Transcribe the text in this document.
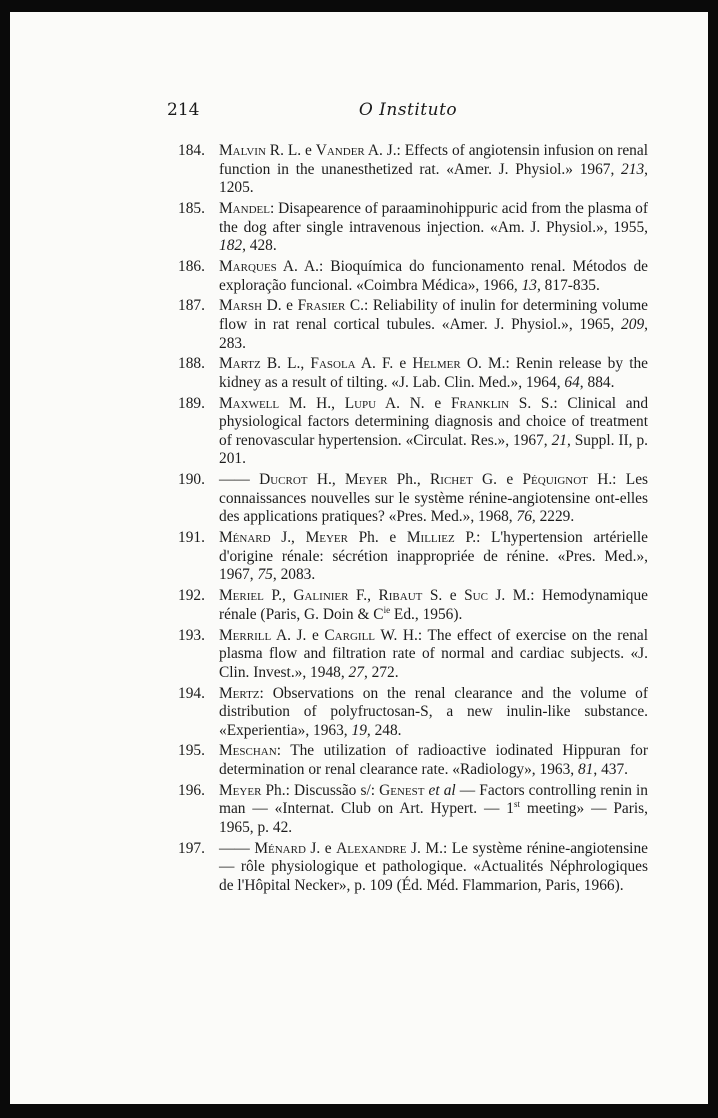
214	O Instituto
184. Malvin R. L. e Vander A. J.: Effects of angiotensin infusion on renal function in the unanesthetized rat. «Amer. J. Physiol.» 1967, 213, 1205.
185. Mandel: Disapearence of paraaminohippuric acid from the plasma of the dog after single intravenous injection. «Am. J. Physiol.», 1955, 182, 428.
186. Marques A. A.: Bioquímica do funcionamento renal. Métodos de exploração funcional. «Coimbra Médica», 1966, 13, 817-835.
187. Marsh D. e Frasier C.: Reliability of inulin for determining volume flow in rat renal cortical tubules. «Amer. J. Physiol.», 1965, 209, 283.
188. Martz B. L., Fasola A. F. e Helmer O. M.: Renin release by the kidney as a result of tilting. «J. Lab. Clin. Med.», 1964, 64, 884.
189. Maxwell M. H., Lupu A. N. e Franklin S. S.: Clinical and physiological factors determining diagnosis and choice of treatment of renovascular hypertension. «Circulat. Res.», 1967, 21, Suppl. II, p. 201.
190. —— Ducrot H., Meyer Ph., Richet G. e Péquignot H.: Les connaissances nouvelles sur le système rénine-angiotensine ont-elles des applications pratiques? «Pres. Med.», 1968, 76, 2229.
191. Ménard J., Meyer Ph. e Milliez P.: L'hypertension artérielle d'origine rénale: sécrétion inappropriée de rénine. «Pres. Med.», 1967, 75, 2083.
192. Meriel P., Galinier F., Ribaut S. e Suc J. M.: Hemodynamique rénale (Paris, G. Doin & $C^{ie}$ Ed., 1956).
193. Merrill A. J. e Cargill W. H.: The effect of exercise on the renal plasma flow and filtration rate of normal and cardiac subjects. «J. Clin. Invest.», 1948, 27, 272.
194. Mertz: Observations on the renal clearance and the volume of distribution of polyfructosan-S, a new inulin-like substance. «Experientia», 1963, 19, 248.
195. Meschan: The utilization of radioactive iodinated Hippuran for determination or renal clearance rate. «Radiology», 1963, 81, 437.
196. Meyer Ph.: Discussão s/: Genest et al — Factors controlling renin in man — «Internat. Club on Art. Hypert. — 1st meeting» — Paris, 1965, p. 42.
197. —— Ménard J. e Alexandre J. M.: Le système rénine-angiotensine — rôle physiologique et pathologique. «Actualités Néphrologiques de l'Hôpital Necker», p. 109 (Éd. Méd. Flammarion, Paris, 1966).
